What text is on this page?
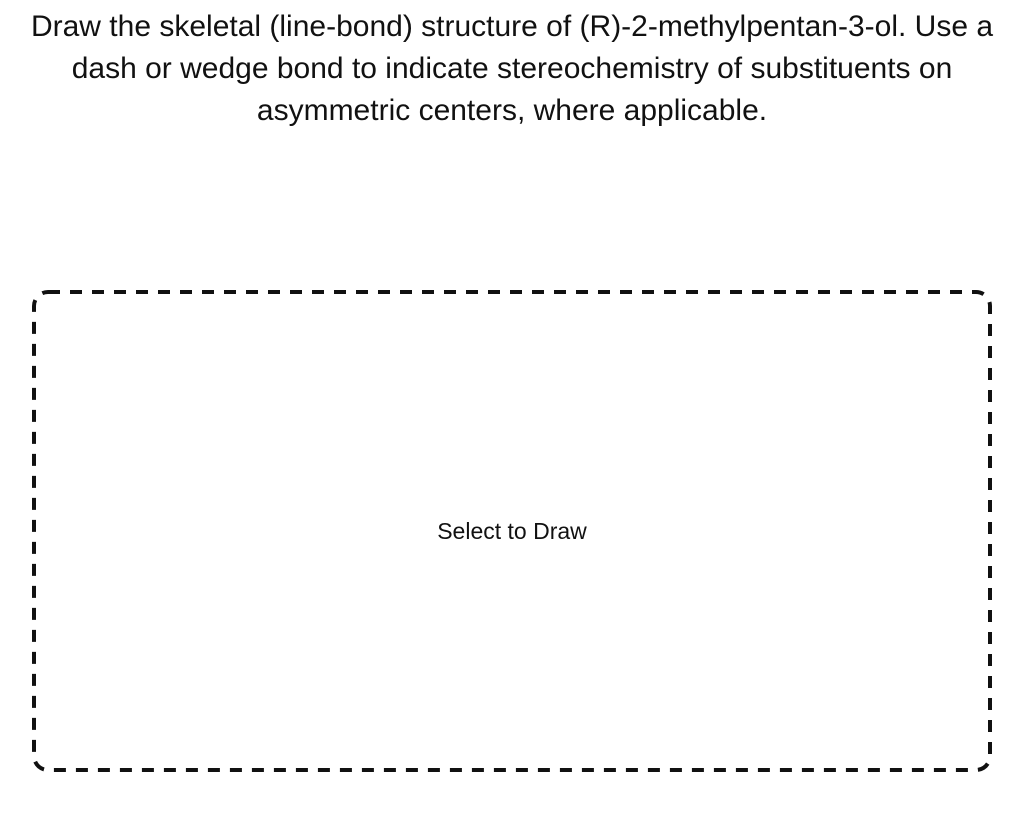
Draw the skeletal (line-bond) structure of (R)-2-methylpentan-3-ol. Use a dash or wedge bond to indicate stereochemistry of substituents on asymmetric centers, where applicable.

Select to Draw
